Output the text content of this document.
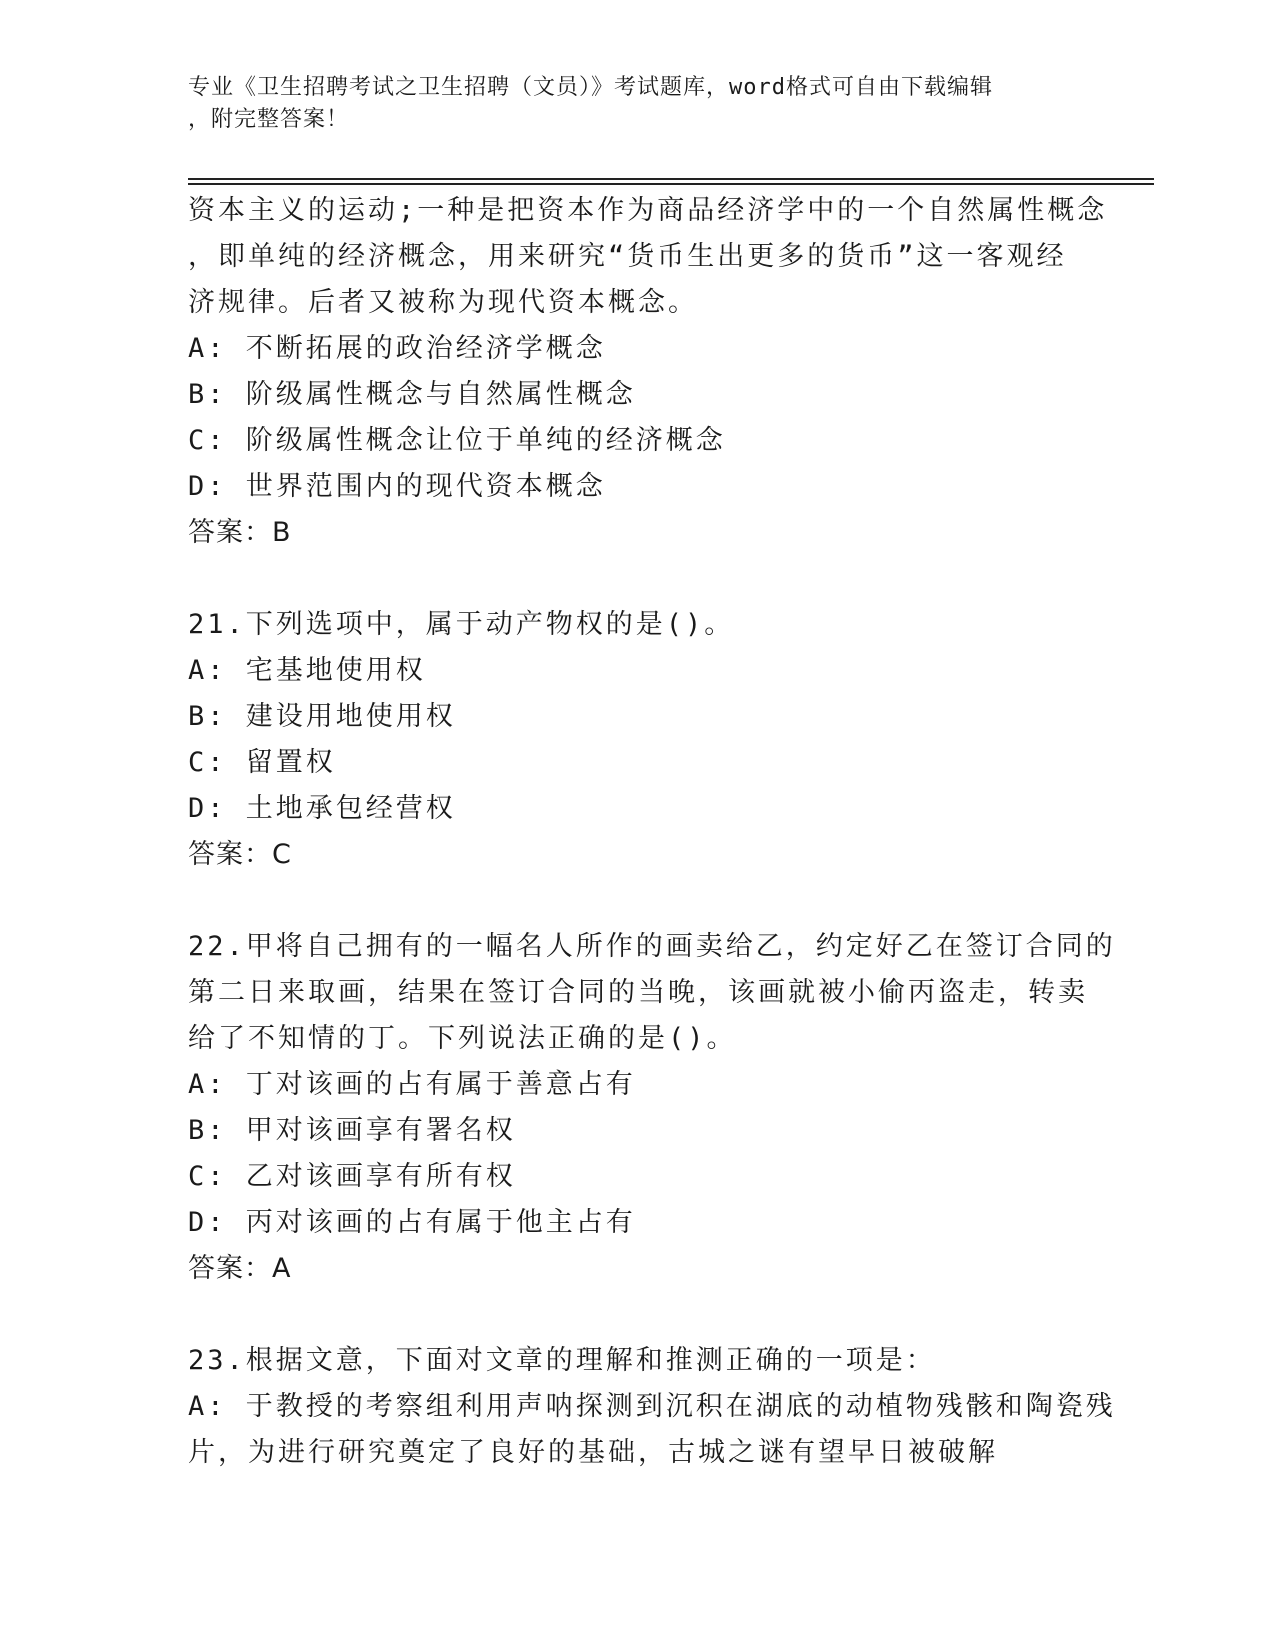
专业《卫生招聘考试之卫生招聘（文员）》考试题库，word格式可自由下载编辑
，附完整答案！
资本主义的运动;一种是把资本作为商品经济学中的一个自然属性概念
，即单纯的经济概念，用来研究“货币生出更多的货币”这一客观经
济规律。后者又被称为现代资本概念。
A: 不断拓展的政治经济学概念
B: 阶级属性概念与自然属性概念
C: 阶级属性概念让位于单纯的经济概念
D: 世界范围内的现代资本概念
答案：B
21.下列选项中，属于动产物权的是()。
A: 宅基地使用权
B: 建设用地使用权
C: 留置权
D: 土地承包经营权
答案：C
22.甲将自己拥有的一幅名人所作的画卖给乙，约定好乙在签订合同的
第二日来取画，结果在签订合同的当晚，该画就被小偷丙盗走，转卖
给了不知情的丁。下列说法正确的是()。
A: 丁对该画的占有属于善意占有
B: 甲对该画享有署名权
C: 乙对该画享有所有权
D: 丙对该画的占有属于他主占有
答案：A
23.根据文意，下面对文章的理解和推测正确的一项是：
A: 于教授的考察组利用声呐探测到沉积在湖底的动植物残骸和陶瓷残
片，为进行研究奠定了良好的基础，古城之谜有望早日被破解
